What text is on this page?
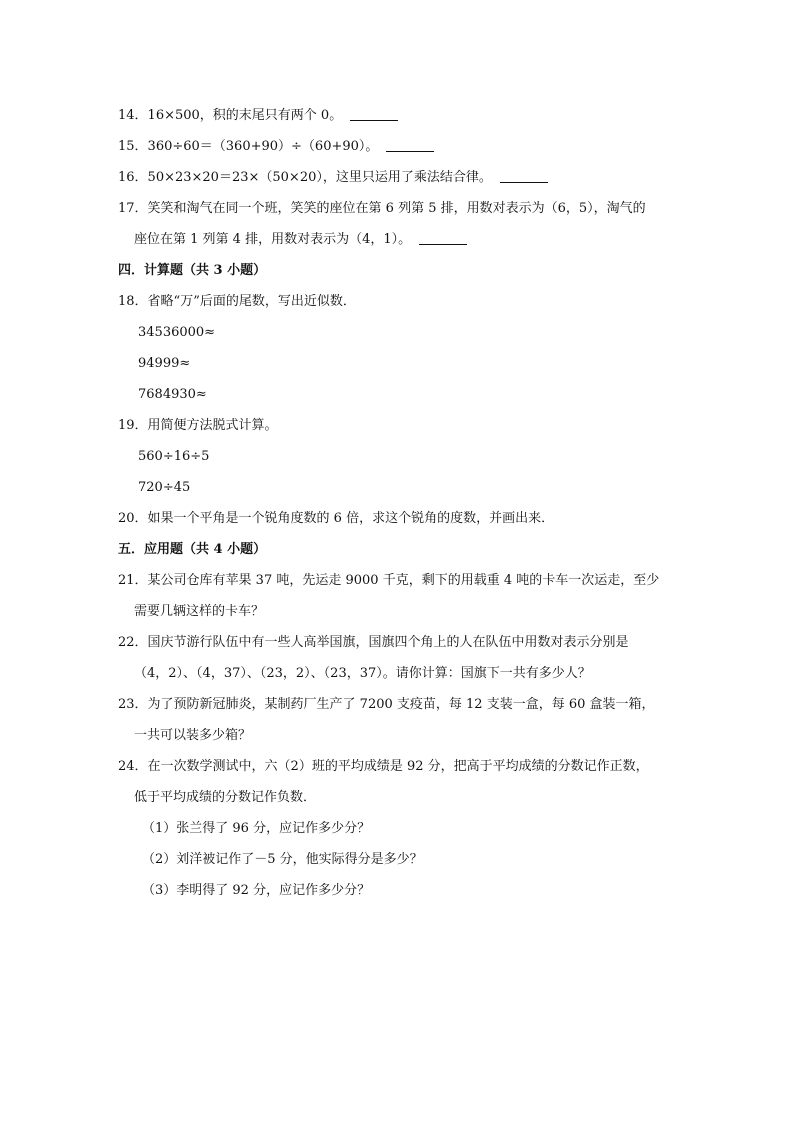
14．16×500，积的末尾只有两个 0。
15．360÷60＝（360+90）÷（60+90）。
16．50×23×20＝23×（50×20），这里只运用了乘法结合律。
17．笑笑和淘气在同一个班，笑笑的座位在第 6 列第 5 排，用数对表示为（6，5），淘气的
座位在第 1 列第 4 排，用数对表示为（4，1）。
四．计算题（共 3 小题）
18．省略“万”后面的尾数，写出近似数．
34536000≈
94999≈
7684930≈
19．用简便方法脱式计算。
560÷16÷5
720÷45
20．如果一个平角是一个锐角度数的 6 倍，求这个锐角的度数，并画出来．
五．应用题（共 4 小题）
21．某公司仓库有苹果 37 吨，先运走 9000 千克，剩下的用载重 4 吨的卡车一次运走，至少
需要几辆这样的卡车？
22．国庆节游行队伍中有一些人高举国旗，国旗四个角上的人在队伍中用数对表示分别是
（4，2）、（4，37）、（23，2）、（23，37）。请你计算：国旗下一共有多少人？
23．为了预防新冠肺炎，某制药厂生产了 7200 支疫苗，每 12 支装一盒，每 60 盒装一箱，
一共可以装多少箱？
24．在一次数学测试中，六（2）班的平均成绩是 92 分，把高于平均成绩的分数记作正数，
低于平均成绩的分数记作负数．
（1）张兰得了 96 分，应记作多少分？
（2）刘洋被记作了－5 分，他实际得分是多少？
（3）李明得了 92 分，应记作多少分？
